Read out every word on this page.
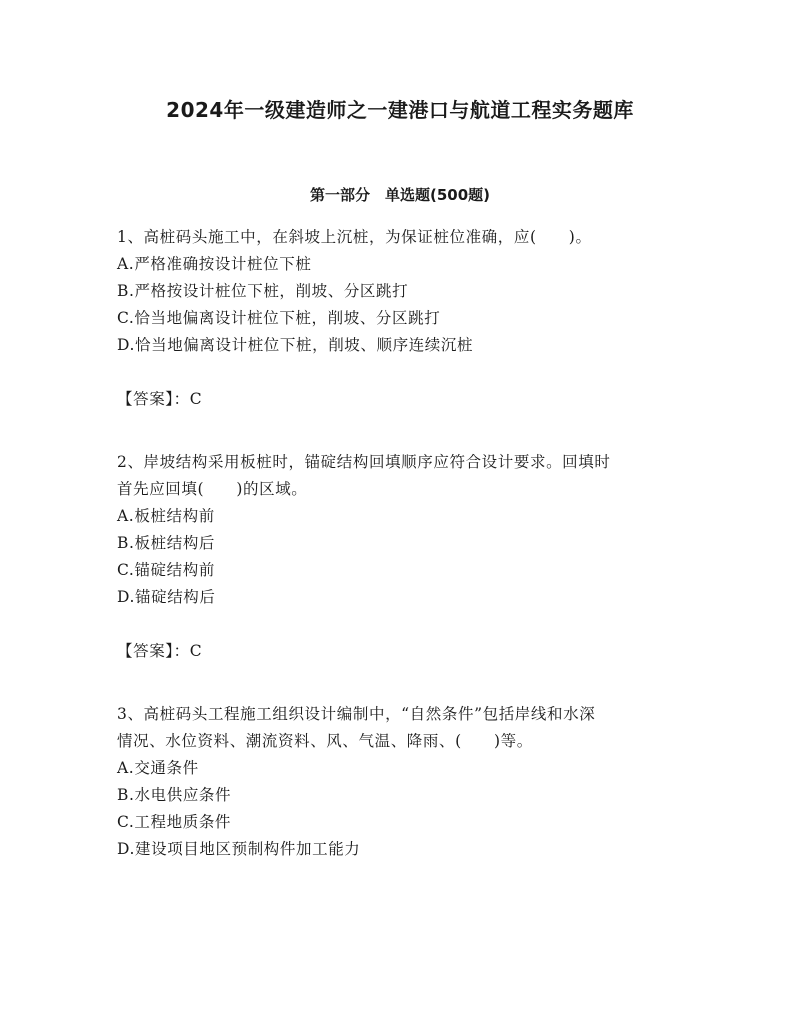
2024年一级建造师之一建港口与航道工程实务题库
第一部分　单选题(500题)

1、高桩码头施工中，在斜坡上沉桩，为保证桩位准确，应(　　)。

A.严格准确按设计桩位下桩

B.严格按设计桩位下桩，削坡、分区跳打

C.恰当地偏离设计桩位下桩，削坡、分区跳打

D.恰当地偏离设计桩位下桩，削坡、顺序连续沉桩

【答案】：C

2、岸坡结构采用板桩时，锚碇结构回填顺序应符合设计要求。回填时

首先应回填(　　)的区域。

A.板桩结构前

B.板桩结构后

C.锚碇结构前

D.锚碇结构后

【答案】：C

3、高桩码头工程施工组织设计编制中，“自然条件”包括岸线和水深

情况、水位资料、潮流资料、风、气温、降雨、(　　)等。

A.交通条件

B.水电供应条件

C.工程地质条件

D.建设项目地区预制构件加工能力
